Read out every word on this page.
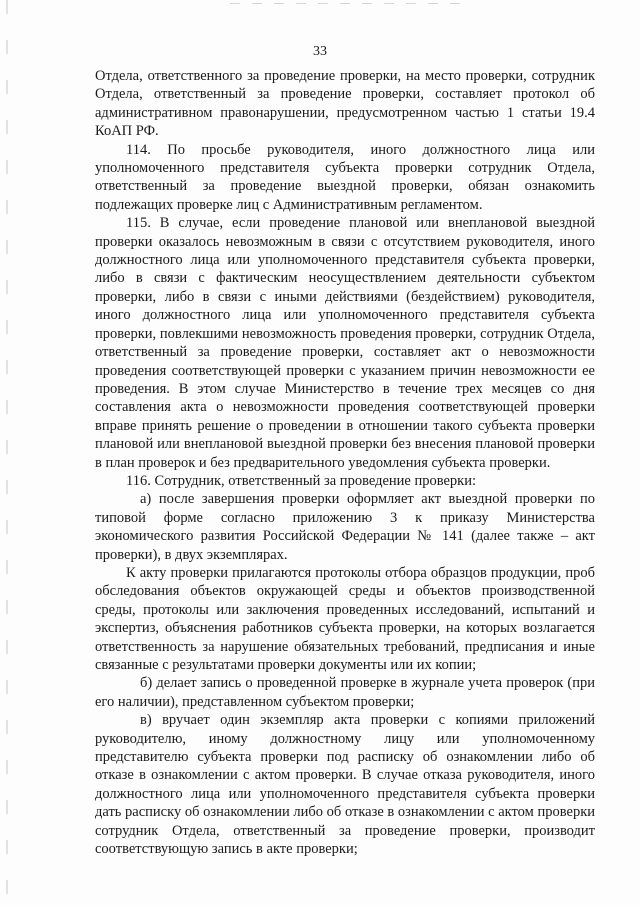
33

Отдела, ответственного за проведение проверки, на место проверки, сотрудник Отдела, ответственный за проведение проверки, составляет протокол об административном правонарушении, предусмотренном частью 1 статьи 19.4 КоАП РФ.

114. По просьбе руководителя, иного должностного лица или уполномоченного представителя субъекта проверки сотрудник Отдела, ответственный за проведение выездной проверки, обязан ознакомить подлежащих проверке лиц с Административным регламентом.

115. В случае, если проведение плановой или внеплановой выездной проверки оказалось невозможным в связи с отсутствием руководителя, иного должностного лица или уполномоченного представителя субъекта проверки, либо в связи с фактическим неосуществлением деятельности субъектом проверки, либо в связи с иными действиями (бездействием) руководителя, иного должностного лица или уполномоченного представителя субъекта проверки, повлекшими невозможность проведения проверки, сотрудник Отдела, ответственный за проведение проверки, составляет акт о невозможности проведения соответствующей проверки с указанием причин невозможности ее проведения. В этом случае Министерство в течение трех месяцев со дня составления акта о невозможности проведения соответствующей проверки вправе принять решение о проведении в отношении такого субъекта проверки плановой или внеплановой выездной проверки без внесения плановой проверки в план проверок и без предварительного уведомления субъекта проверки.

116. Сотрудник, ответственный за проведение проверки:

а) после завершения проверки оформляет акт выездной проверки по типовой форме согласно приложению 3 к приказу Министерства экономического развития Российской Федерации № 141 (далее также – акт проверки), в двух экземплярах.

К акту проверки прилагаются протоколы отбора образцов продукции, проб обследования объектов окружающей среды и объектов производственной среды, протоколы или заключения проведенных исследований, испытаний и экспертиз, объяснения работников субъекта проверки, на которых возлагается ответственность за нарушение обязательных требований, предписания и иные связанные с результатами проверки документы или их копии;

б) делает запись о проведенной проверке в журнале учета проверок (при его наличии), представленном субъектом проверки;

в) вручает один экземпляр акта проверки с копиями приложений руководителю, иному должностному лицу или уполномоченному представителю субъекта проверки под расписку об ознакомлении либо об отказе в ознакомлении с актом проверки. В случае отказа руководителя, иного должностного лица или уполномоченного представителя субъекта проверки дать расписку об ознакомлении либо об отказе в ознакомлении с актом проверки сотрудник Отдела, ответственный за проведение проверки, производит соответствующую запись в акте проверки;
